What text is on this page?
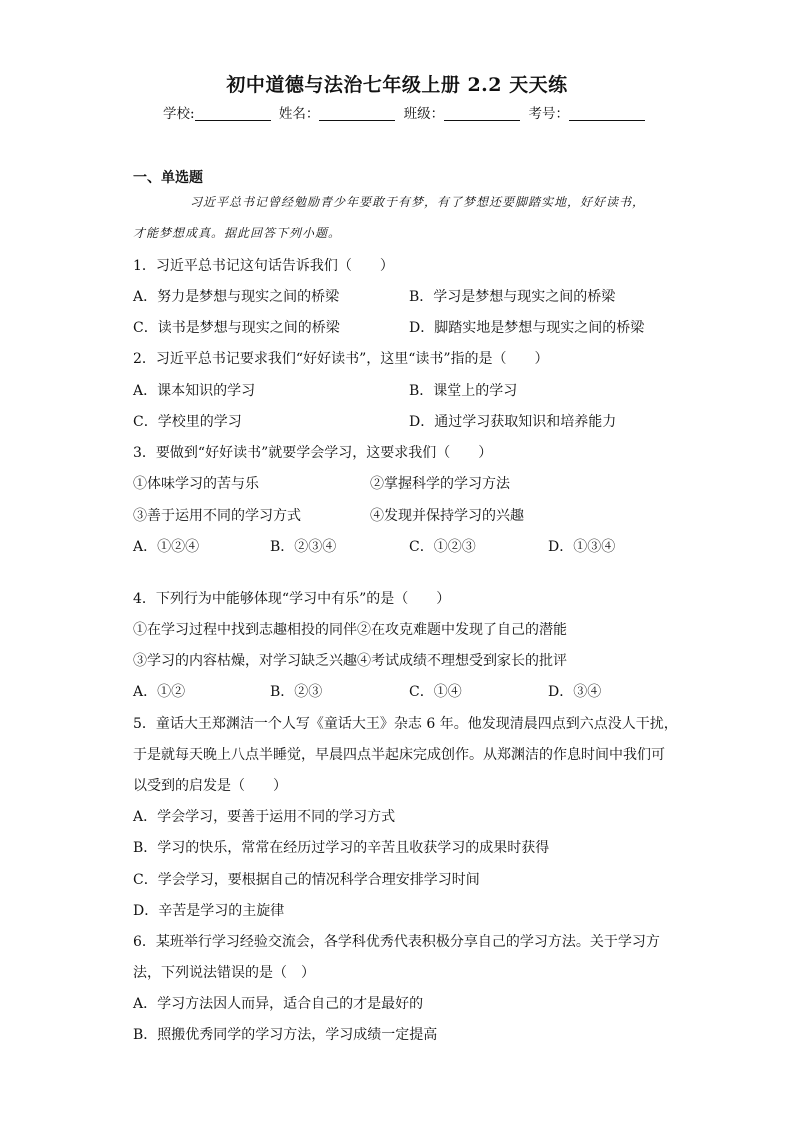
初中道德与法治七年级上册 2.2 天天练
学校:	姓名：	班级：	考号：
一、单选题
习近平总书记曾经勉励青少年要敢于有梦，有了梦想还要脚踏实地，好好读书，
才能梦想成真。据此回答下列小题。
1．习近平总书记这句话告诉我们（　　）
A．努力是梦想与现实之间的桥梁	B．学习是梦想与现实之间的桥梁
C．读书是梦想与现实之间的桥梁	D．脚踏实地是梦想与现实之间的桥梁
2．习近平总书记要求我们“好好读书”，这里“读书”指的是（　　）
A．课本知识的学习	B．课堂上的学习
C．学校里的学习	D．通过学习获取知识和培养能力
3．要做到“好好读书”就要学会学习，这要求我们（　　）
①体味学习的苦与乐	②掌握科学的学习方法
③善于运用不同的学习方式	④发现并保持学习的兴趣
A．①②④	B．②③④	C．①②③	D．①③④
4．下列行为中能够体现“学习中有乐”的是（　　）
①在学习过程中找到志趣相投的同伴②在攻克难题中发现了自己的潜能
③学习的内容枯燥，对学习缺乏兴趣④考试成绩不理想受到家长的批评
A．①②	B．②③	C．①④	D．③④
5．童话大王郑渊洁一个人写《童话大王》杂志 6 年。他发现清晨四点到六点没人干扰，
于是就每天晚上八点半睡觉，早晨四点半起床完成创作。从郑渊洁的作息时间中我们可
以受到的启发是（　　）
A．学会学习，要善于运用不同的学习方式
B．学习的快乐，常常在经历过学习的辛苦且收获学习的成果时获得
C．学会学习，要根据自己的情况科学合理安排学习时间
D．辛苦是学习的主旋律
6．某班举行学习经验交流会，各学科优秀代表积极分享自己的学习方法。关于学习方
法，下列说法错误的是（　）
A．学习方法因人而异，适合自己的才是最好的
B．照搬优秀同学的学习方法，学习成绩一定提高
